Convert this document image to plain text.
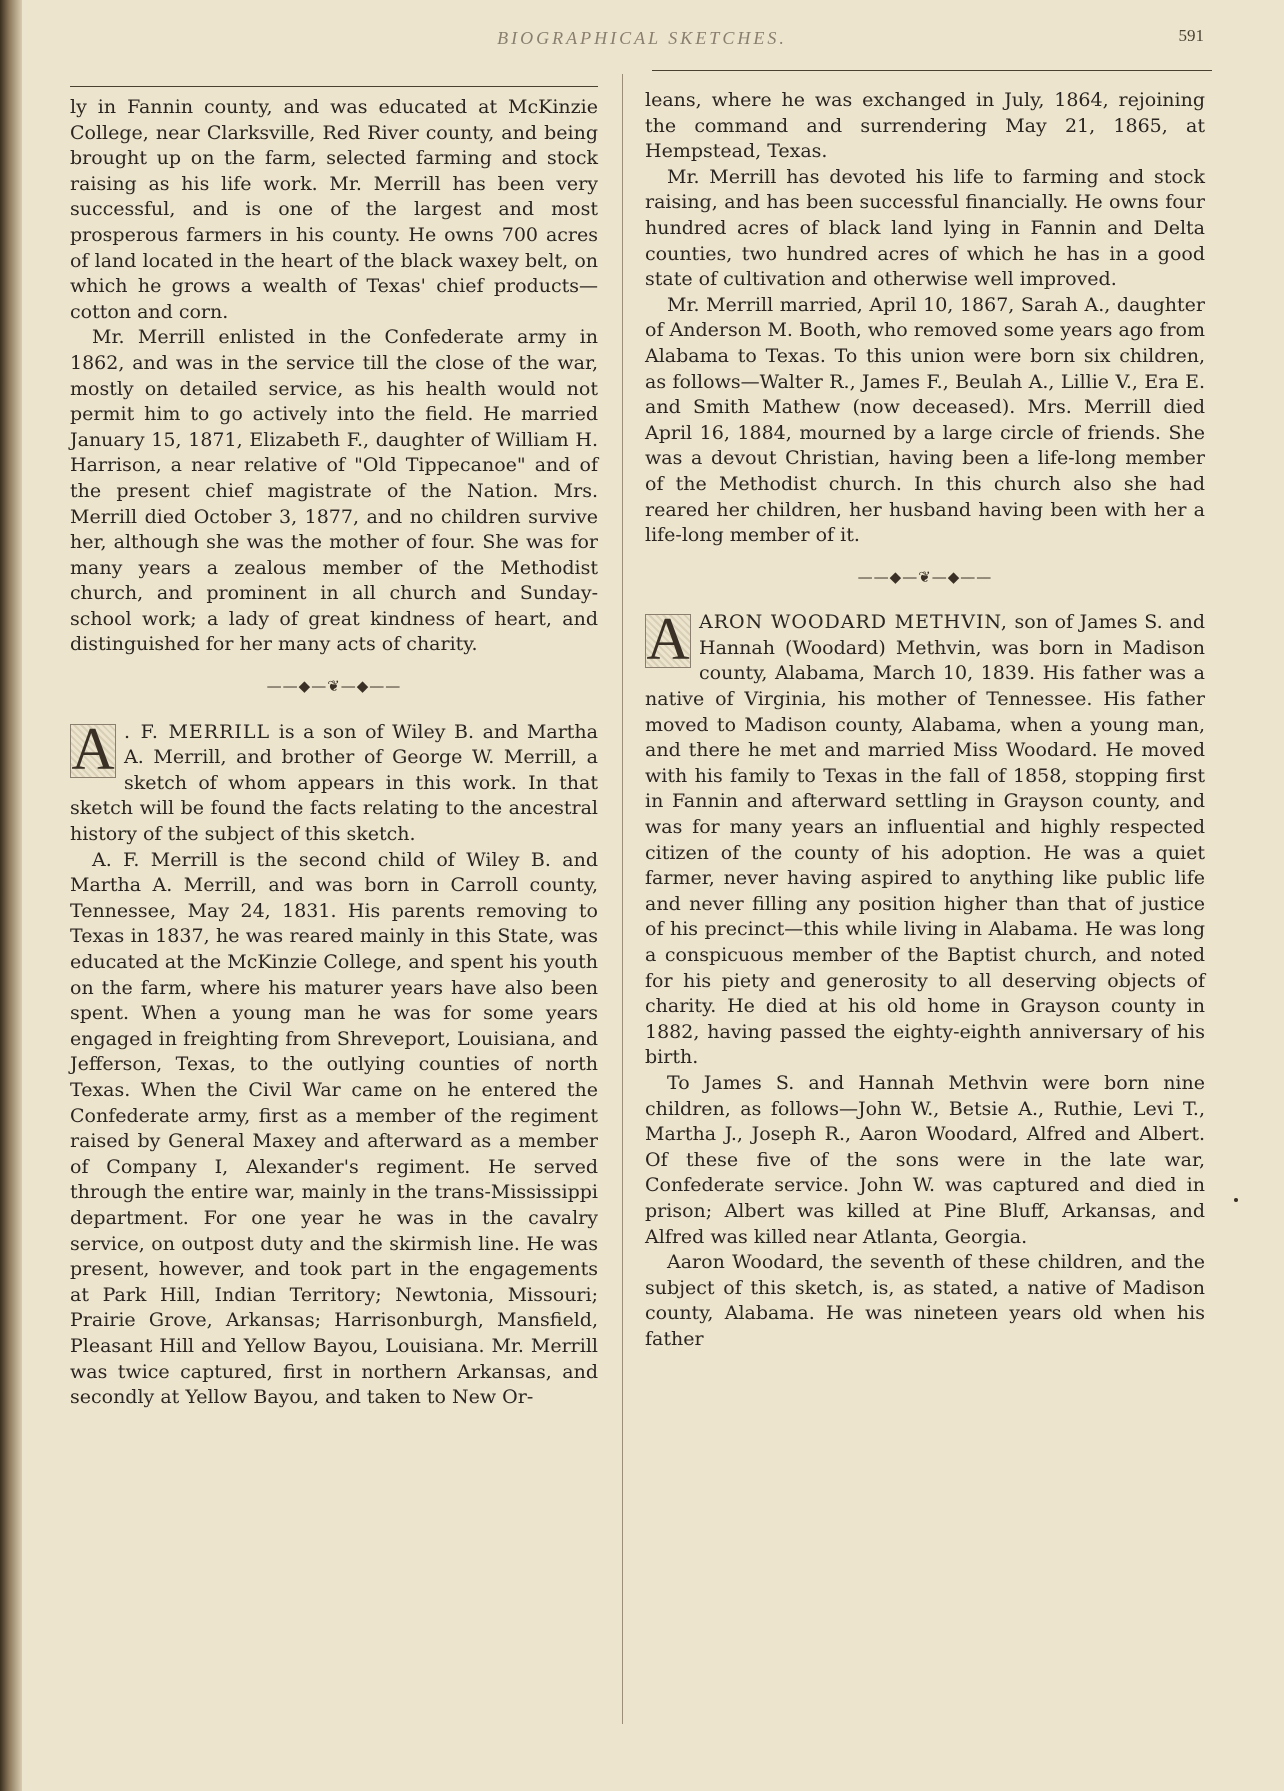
BIOGRAPHICAL SKETCHES.	591

ly in Fannin county, and was educated at McKinzie College, near Clarksville, Red River county, and being brought up on the farm, selected farming and stock raising as his life work. Mr. Merrill has been very successful, and is one of the largest and most prosperous farmers in his county. He owns 700 acres of land located in the heart of the black waxey belt, on which he grows a wealth of Texas' chief products—cotton and corn.

Mr. Merrill enlisted in the Confederate army in 1862, and was in the service till the close of the war, mostly on detailed service, as his health would not permit him to go actively into the field. He married January 15, 1871, Elizabeth F., daughter of William H. Harrison, a near relative of "Old Tippecanoe" and of the present chief magistrate of the Nation. Mrs. Merrill died October 3, 1877, and no children survive her, although she was the mother of four. She was for many years a zealous member of the Methodist church, and prominent in all church and Sunday-school work; a lady of great kindness of heart, and distinguished for her many acts of charity.

——◆—❦—◆——

A . F. MERRILL is a son of Wiley B. and Martha A. Merrill, and brother of George W. Merrill, a sketch of whom appears in this work. In that sketch will be found the facts relating to the ancestral history of the subject of this sketch.

A. F. Merrill is the second child of Wiley B. and Martha A. Merrill, and was born in Carroll county, Tennessee, May 24, 1831. His parents removing to Texas in 1837, he was reared mainly in this State, was educated at the McKinzie College, and spent his youth on the farm, where his maturer years have also been spent. When a young man he was for some years engaged in freighting from Shreveport, Louisiana, and Jefferson, Texas, to the outlying counties of north Texas. When the Civil War came on he entered the Confederate army, first as a member of the regiment raised by General Maxey and afterward as a member of Company I, Alexander's regiment. He served through the entire war, mainly in the trans-Mississippi department. For one year he was in the cavalry service, on outpost duty and the skirmish line. He was present, however, and took part in the engagements at Park Hill, Indian Territory; Newtonia, Missouri; Prairie Grove, Arkansas; Harrisonburgh, Mansfield, Pleasant Hill and Yellow Bayou, Louisiana. Mr. Merrill was twice captured, first in northern Arkansas, and secondly at Yellow Bayou, and taken to New Or-

leans, where he was exchanged in July, 1864, rejoining the command and surrendering May 21, 1865, at Hempstead, Texas.

Mr. Merrill has devoted his life to farming and stock raising, and has been successful financially. He owns four hundred acres of black land lying in Fannin and Delta counties, two hundred acres of which he has in a good state of cultivation and otherwise well improved.

Mr. Merrill married, April 10, 1867, Sarah A., daughter of Anderson M. Booth, who removed some years ago from Alabama to Texas. To this union were born six children, as follows—Walter R., James F., Beulah A., Lillie V., Era E. and Smith Mathew (now deceased). Mrs. Merrill died April 16, 1884, mourned by a large circle of friends. She was a devout Christian, having been a life-long member of the Methodist church. In this church also she had reared her children, her husband having been with her a life-long member of it.

——◆—❦—◆——

A ARON WOODARD METHVIN, son of James S. and Hannah (Woodard) Methvin, was born in Madison county, Alabama, March 10, 1839. His father was a native of Virginia, his mother of Tennessee. His father moved to Madison county, Alabama, when a young man, and there he met and married Miss Woodard. He moved with his family to Texas in the fall of 1858, stopping first in Fannin and afterward settling in Grayson county, and was for many years an influential and highly respected citizen of the county of his adoption. He was a quiet farmer, never having aspired to anything like public life and never filling any position higher than that of justice of his precinct—this while living in Alabama. He was long a conspicuous member of the Baptist church, and noted for his piety and generosity to all deserving objects of charity. He died at his old home in Grayson county in 1882, having passed the eighty-eighth anniversary of his birth.

To James S. and Hannah Methvin were born nine children, as follows—John W., Betsie A., Ruthie, Levi T., Martha J., Joseph R., Aaron Woodard, Alfred and Albert. Of these five of the sons were in the late war, Confederate service. John W. was captured and died in prison; Albert was killed at Pine Bluff, Arkansas, and Alfred was killed near Atlanta, Georgia.

Aaron Woodard, the seventh of these children, and the subject of this sketch, is, as stated, a native of Madison county, Alabama. He was nineteen years old when his father
